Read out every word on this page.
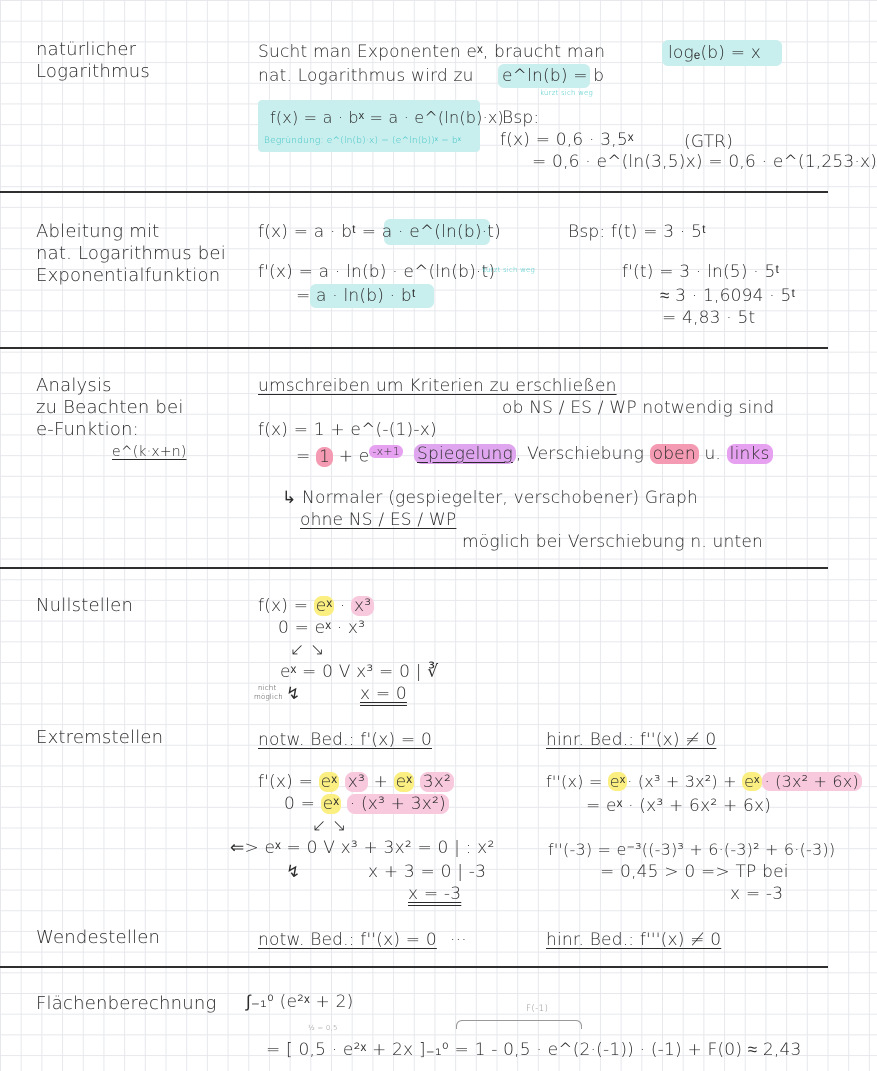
natürlicher
Logarithmus
Sucht man Exponenten eˣ, braucht man	logₑ(b) = x
nat. Logarithmus wird zu e^ln(b) = b
kürzt sich weg
f(x) = a · bˣ = a · e^(ln(b)·x)
Begründung: e^(ln(b)·x) = (e^ln(b))ˣ = bˣ
Bsp:
f(x) = 0,6 · 3,5ˣ	(GTR)
= 0,6 · e^(ln(3,5)x) = 0,6 · e^(1,253·x)
Ableitung mit
nat. Logarithmus bei
Exponentialfunktion
f(x) = a · bᵗ = a · e^(ln(b)·t)
f'(x) = a · ln(b) · e^(ln(b)·t)
kürzt sich weg
= a · ln(b) · bᵗ
Bsp: f(t) = 3 · 5ᵗ
f'(t) = 3 · ln(5) · 5ᵗ
≈ 3 · 1,6094 · 5ᵗ
= 4,83 · 5t
Analysis
zu Beachten bei
e-Funktion:
e^(k·x+n)
umschreiben um Kriterien zu erschließen
ob NS / ES / WP notwendig sind
f(x) = 1 + e^(-(1)-x)
= 1 + e $^{-x+1}$ Spiegelung , Verschiebung oben u. links
↳ Normaler (gespiegelter, verschobener) Graph
ohne NS / ES / WP
möglich bei Verschiebung n. unten
Nullstellen	f(x) = eˣ · x³
0 = eˣ · x³
↙ ↘
eˣ = 0 V x³ = 0 | ∛
nicht
möglich ↯	x = 0
Extremstellen	notw. Bed.: f'(x) = 0	hinr. Bed.: f''(x) ≠ 0
f'(x) = eˣ x³ + eˣ 3x²
0 = eˣ · (x³ + 3x²)
↙ ↘
⇐> eˣ = 0 V x³ + 3x² = 0 | : x²
↯	x + 3 = 0 | -3
x = -3
f''(x) = eˣ · (x³ + 3x²) + eˣ · (3x² + 6x)
= eˣ · (x³ + 6x² + 6x)
f''(-3) = e⁻³((-3)³ + 6·(-3)² + 6·(-3))
= 0,45 > 0 => TP bei
x = -3
Wendestellen	notw. Bed.: f''(x) = 0 ···	hinr. Bed.: f'''(x) ≠ 0
Flächenberechnung ∫₋₁⁰ (e²ˣ + 2)
½ = 0,5
F(-1)
= [ 0,5 · e²ˣ + 2x ]₋₁⁰ = 1 - 0,5 · e^(2·(-1)) · (-1) + F(0) ≈ 2,43
